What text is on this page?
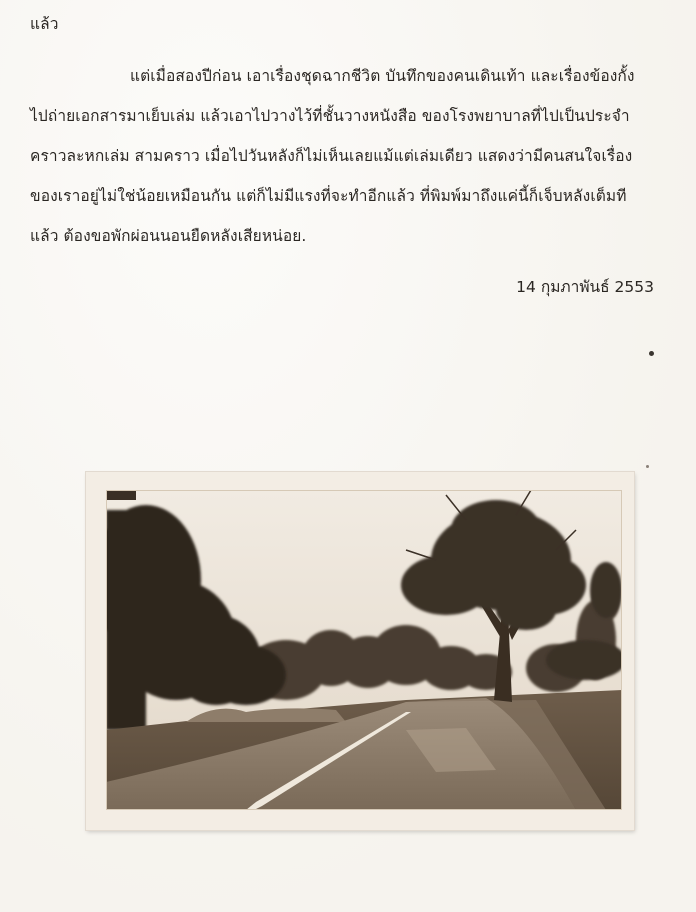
แล้ว
แต่เมื่อสองปีก่อน เอาเรื่องชุดฉากชีวิต บันทึกของคนเดินเท้า และเรื่องข้องกั้ง
ไปถ่ายเอกสารมาเย็บเล่ม แล้วเอาไปวางไว้ที่ชั้นวางหนังสือ ของโรงพยาบาลที่ไปเป็นประจำ
คราวละหกเล่ม สามคราว เมื่อไปวันหลังก็ไม่เห็นเลยแม้แต่เล่มเดียว แสดงว่ามีคนสนใจเรื่อง
ของเราอยู่ไม่ใช่น้อยเหมือนกัน แต่ก็ไม่มีแรงที่จะทำอีกแล้ว ที่พิมพ์มาถึงแค่นี้ก็เจ็บหลังเต็มที
แล้ว ต้องขอพักผ่อนนอนยืดหลังเสียหน่อย.
14 กุมภาพันธ์ 2553
